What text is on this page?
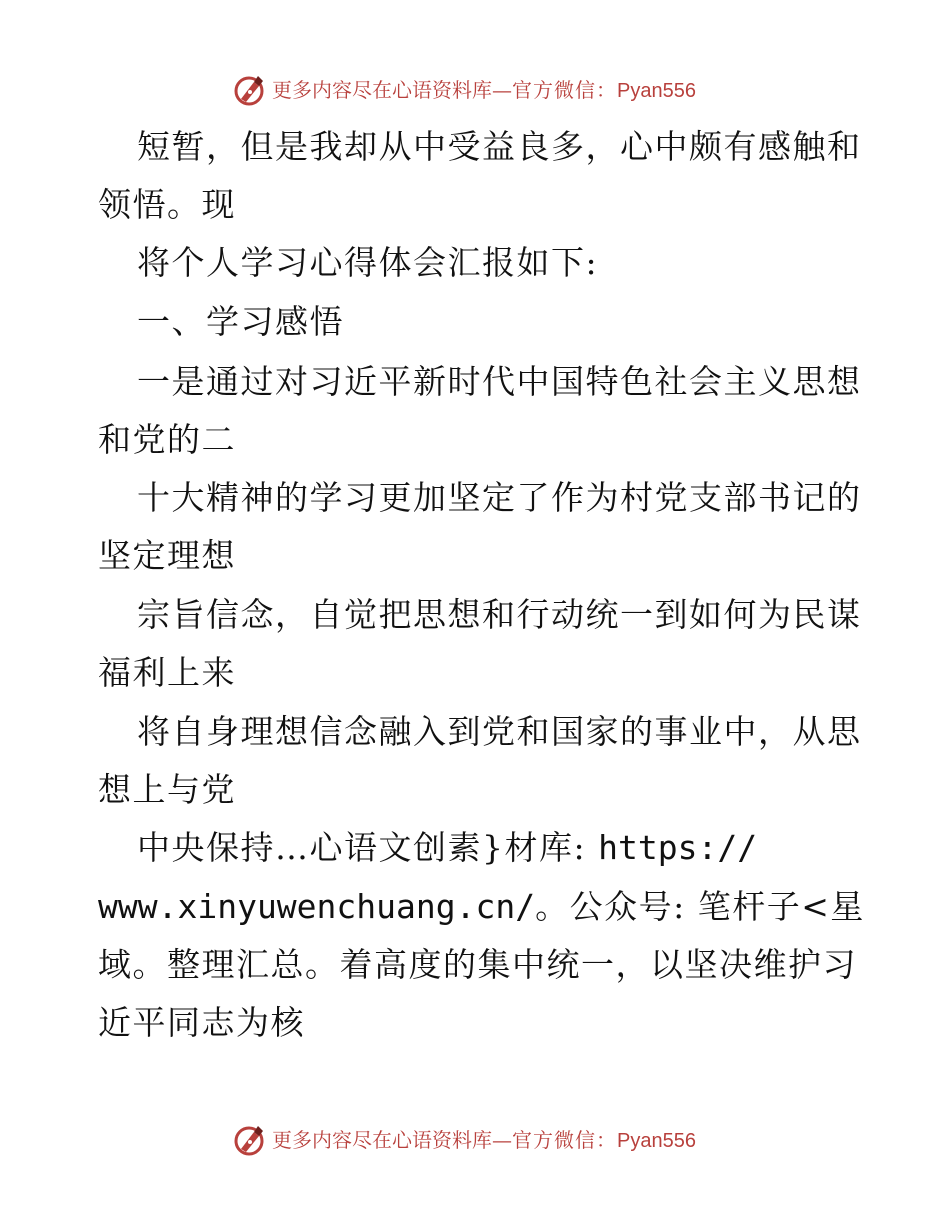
更多内容尽在心语资料库—官方微信：Pyan556
短暂，但是我却从中受益良多，心中颇有感触和
领悟。现
将个人学习心得体会汇报如下:
一、学习感悟
一是通过对习近平新时代中国特色社会主义思想
和党的二
十大精神的学习更加坚定了作为村党支部书记的
坚定理想
宗旨信念，自觉把思想和行动统一到如何为民谋
福利上来
将自身理想信念融入到党和国家的事业中，从思
想上与党
中央保持…心语文创素}材库: https://
www.xinyuwenchuang.cn/。公众号: 笔杆子<星
域。整理汇总。着高度的集中统一，以坚决维护习
近平同志为核
更多内容尽在心语资料库—官方微信：Pyan556
